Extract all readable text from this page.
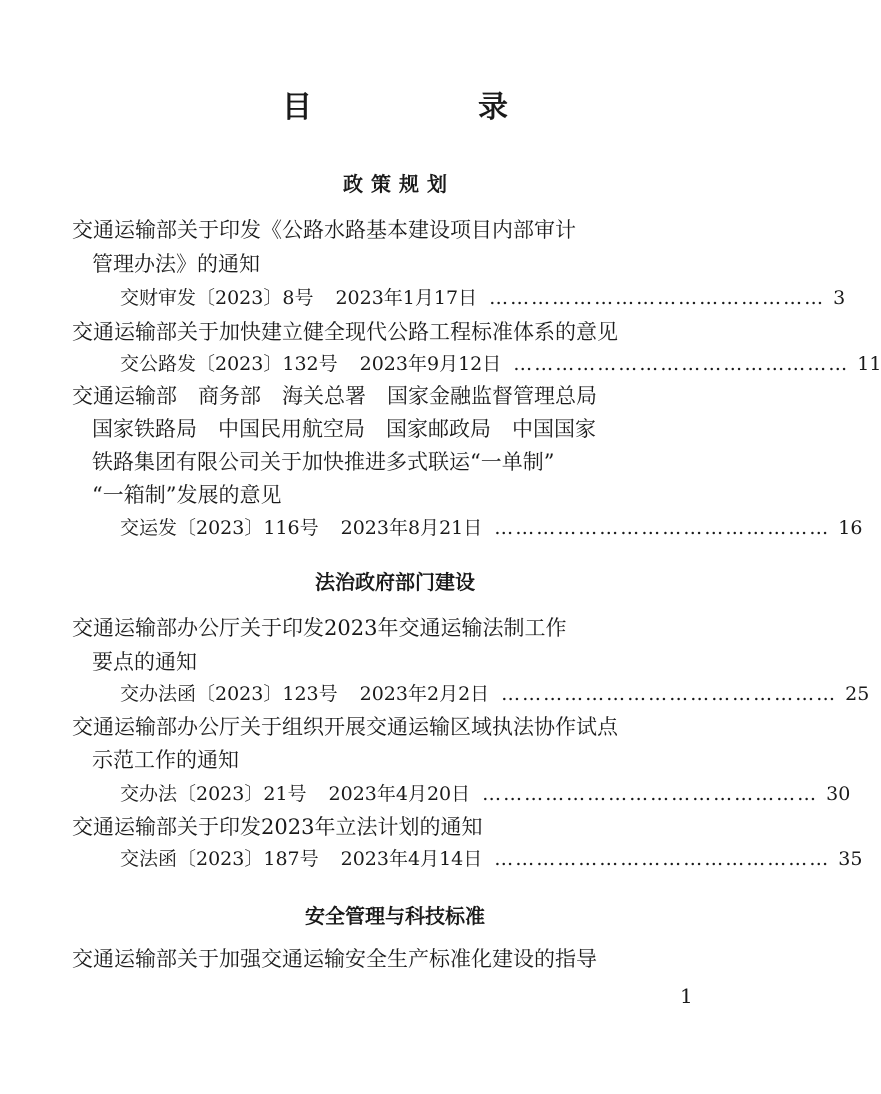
目　录
政策规划
交通运输部关于印发《公路水路基本建设项目内部审计
管理办法》的通知
交财审发〔2023〕8号 2023年1月17日 ………………………………………… 3
交通运输部关于加快建立健全现代公路工程标准体系的意见
交公路发〔2023〕132号 2023年9月12日 ………………………………………… 11
交通运输部　商务部　海关总署　国家金融监督管理总局
国家铁路局　中国民用航空局　国家邮政局　中国国家
铁路集团有限公司关于加快推进多式联运“一单制”
“一箱制”发展的意见
交运发〔2023〕116号 2023年8月21日 ………………………………………… 16
法治政府部门建设
交通运输部办公厅关于印发2023年交通运输法制工作
要点的通知
交办法函〔2023〕123号 2023年2月2日 ………………………………………… 25
交通运输部办公厅关于组织开展交通运输区域执法协作试点
示范工作的通知
交办法〔2023〕21号 2023年4月20日 ………………………………………… 30
交通运输部关于印发2023年立法计划的通知
交法函〔2023〕187号 2023年4月14日 ………………………………………… 35
安全管理与科技标准
交通运输部关于加强交通运输安全生产标准化建设的指导
1
